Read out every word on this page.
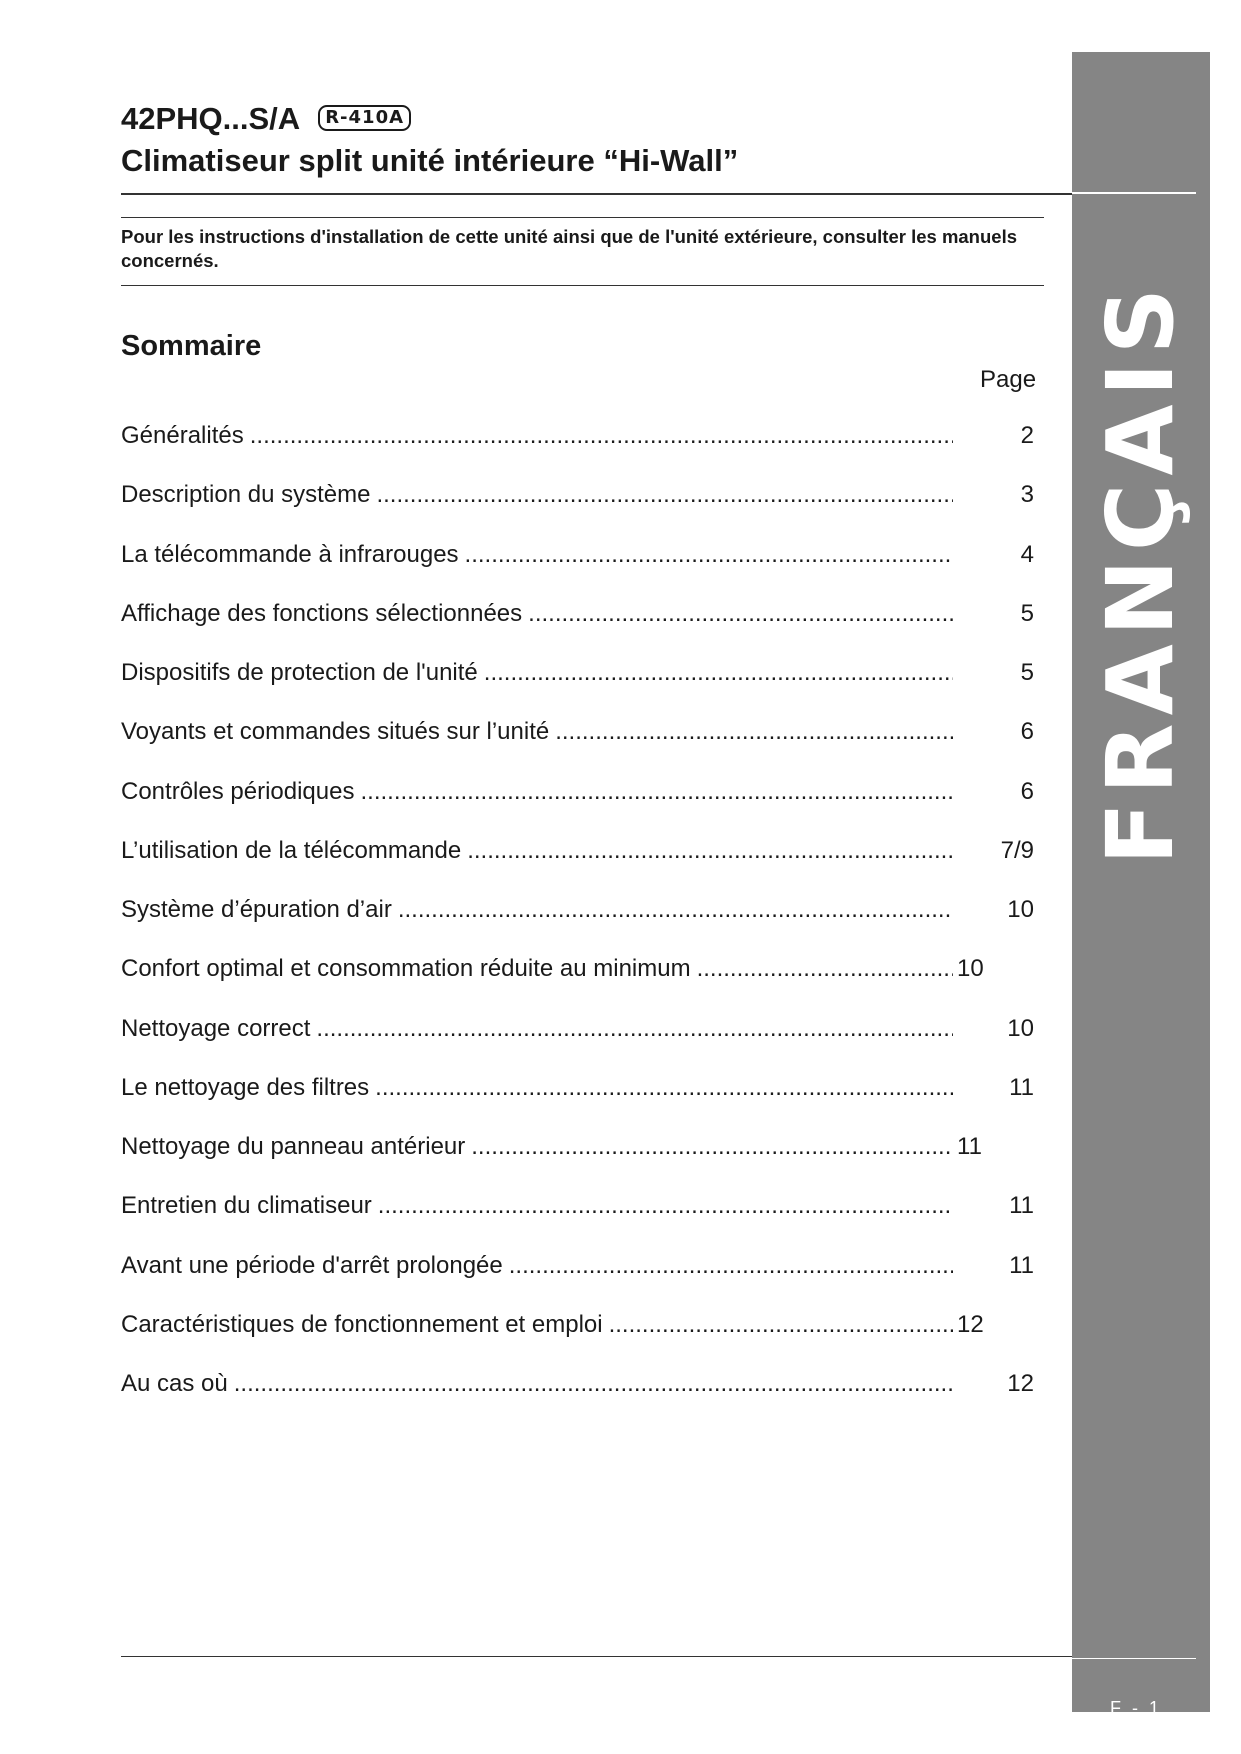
FRANÇAIS
F - 1
42PHQ...S/A R-410A
Climatiseur split unité intérieure “Hi-Wall”
Pour les instructions d'installation de cette unité ainsi que de l'unité extérieure, consulter les manuels concernés.
Sommaire
Page
Généralités .....	2
Description du système .....	3
La télécommande à infrarouges .....	4
Affichage des fonctions sélectionnées .....	5
Dispositifs de protection de l'unité .....	5
Voyants et commandes situés sur l’unité .....	6
Contrôles périodiques .....	6
L’utilisation de la télécommande .....	7/9
Système d’épuration d’air .....	10
Confort optimal et consommation réduite au minimum .....	10
Nettoyage correct .....	10
Le nettoyage des filtres .....	11
Nettoyage du panneau antérieur .....	11
Entretien du climatiseur .....	11
Avant une période d'arrêt prolongée .....	11
Caractéristiques de fonctionnement et emploi .....	12
Au cas où .....	12
